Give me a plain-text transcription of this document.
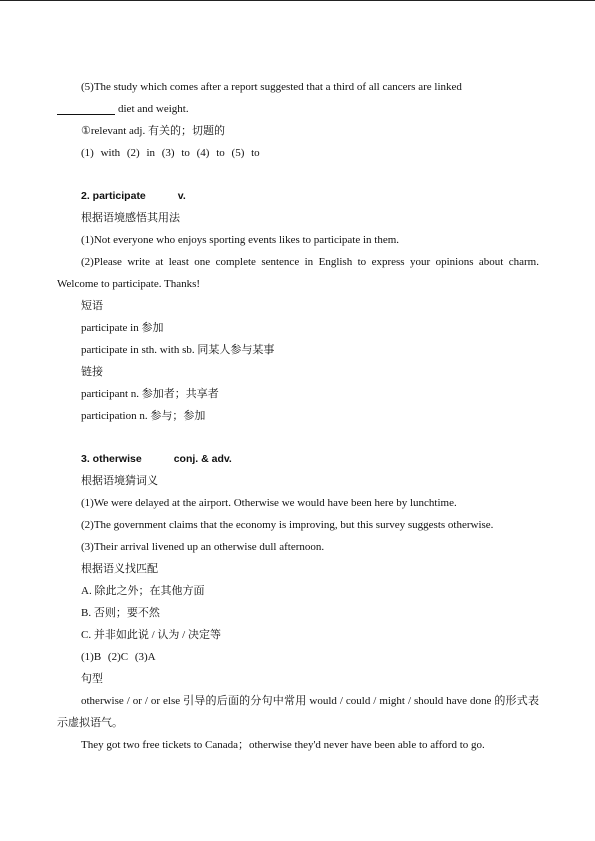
(5)The study which comes after a report suggested that a third of all cancers are linked

diet and weight.

①relevant adj. 有关的；切题的

(1) with (2) in (3) to (4) to (5) to

2. participate	v.

根据语境感悟其用法

(1)Not everyone who enjoys sporting events likes to participate in them.

(2)Please write at least one complete sentence in English to express your opinions about charm. Welcome to participate. Thanks!

短语

participate in 参加

participate in sth. with sb. 同某人参与某事

链接

participant n. 参加者；共享者

participation n. 参与；参加

3. otherwise	conj. & adv.

根据语境猜词义

(1)We were delayed at the airport. Otherwise we would have been here by lunchtime.

(2)The government claims that the economy is improving, but this survey suggests otherwise.

(3)Their arrival livened up an otherwise dull afternoon.

根据语义找匹配

A. 除此之外；在其他方面

B. 否则；要不然

C. 并非如此说 / 认为 / 决定等

(1)B (2)C (3)A

句型

otherwise / or / or else 引导的后面的分句中常用 would / could / might / should have done 的形式表示虚拟语气。

They got two free tickets to Canada；otherwise they'd never have been able to afford to go.
